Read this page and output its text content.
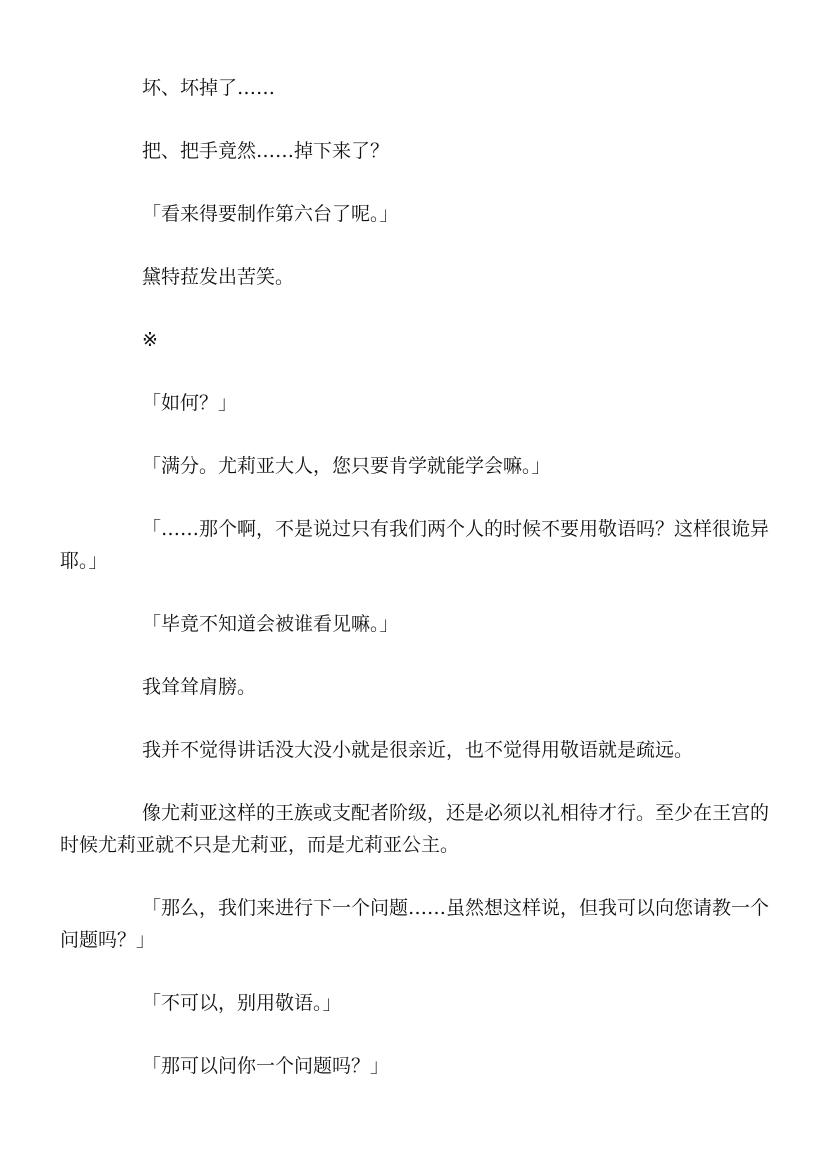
坏、坏掉了……

把、把手竟然……掉下来了？

「看来得要制作第六台了呢。」

黛特菈发出苦笑。

※

「如何？」

「满分。尤莉亚大人，您只要肯学就能学会嘛。」

「……那个啊，不是说过只有我们两个人的时候不要用敬语吗？这样很诡异耶。」

「毕竟不知道会被谁看见嘛。」

我耸耸肩膀。

我并不觉得讲话没大没小就是很亲近，也不觉得用敬语就是疏远。

像尤莉亚这样的王族或支配者阶级，还是必须以礼相待才行。至少在王宫的时候尤莉亚就不只是尤莉亚，而是尤莉亚公主。

「那么，我们来进行下一个问题……虽然想这样说，但我可以向您请教一个问题吗？」

「不可以，别用敬语。」

「那可以问你一个问题吗？」
